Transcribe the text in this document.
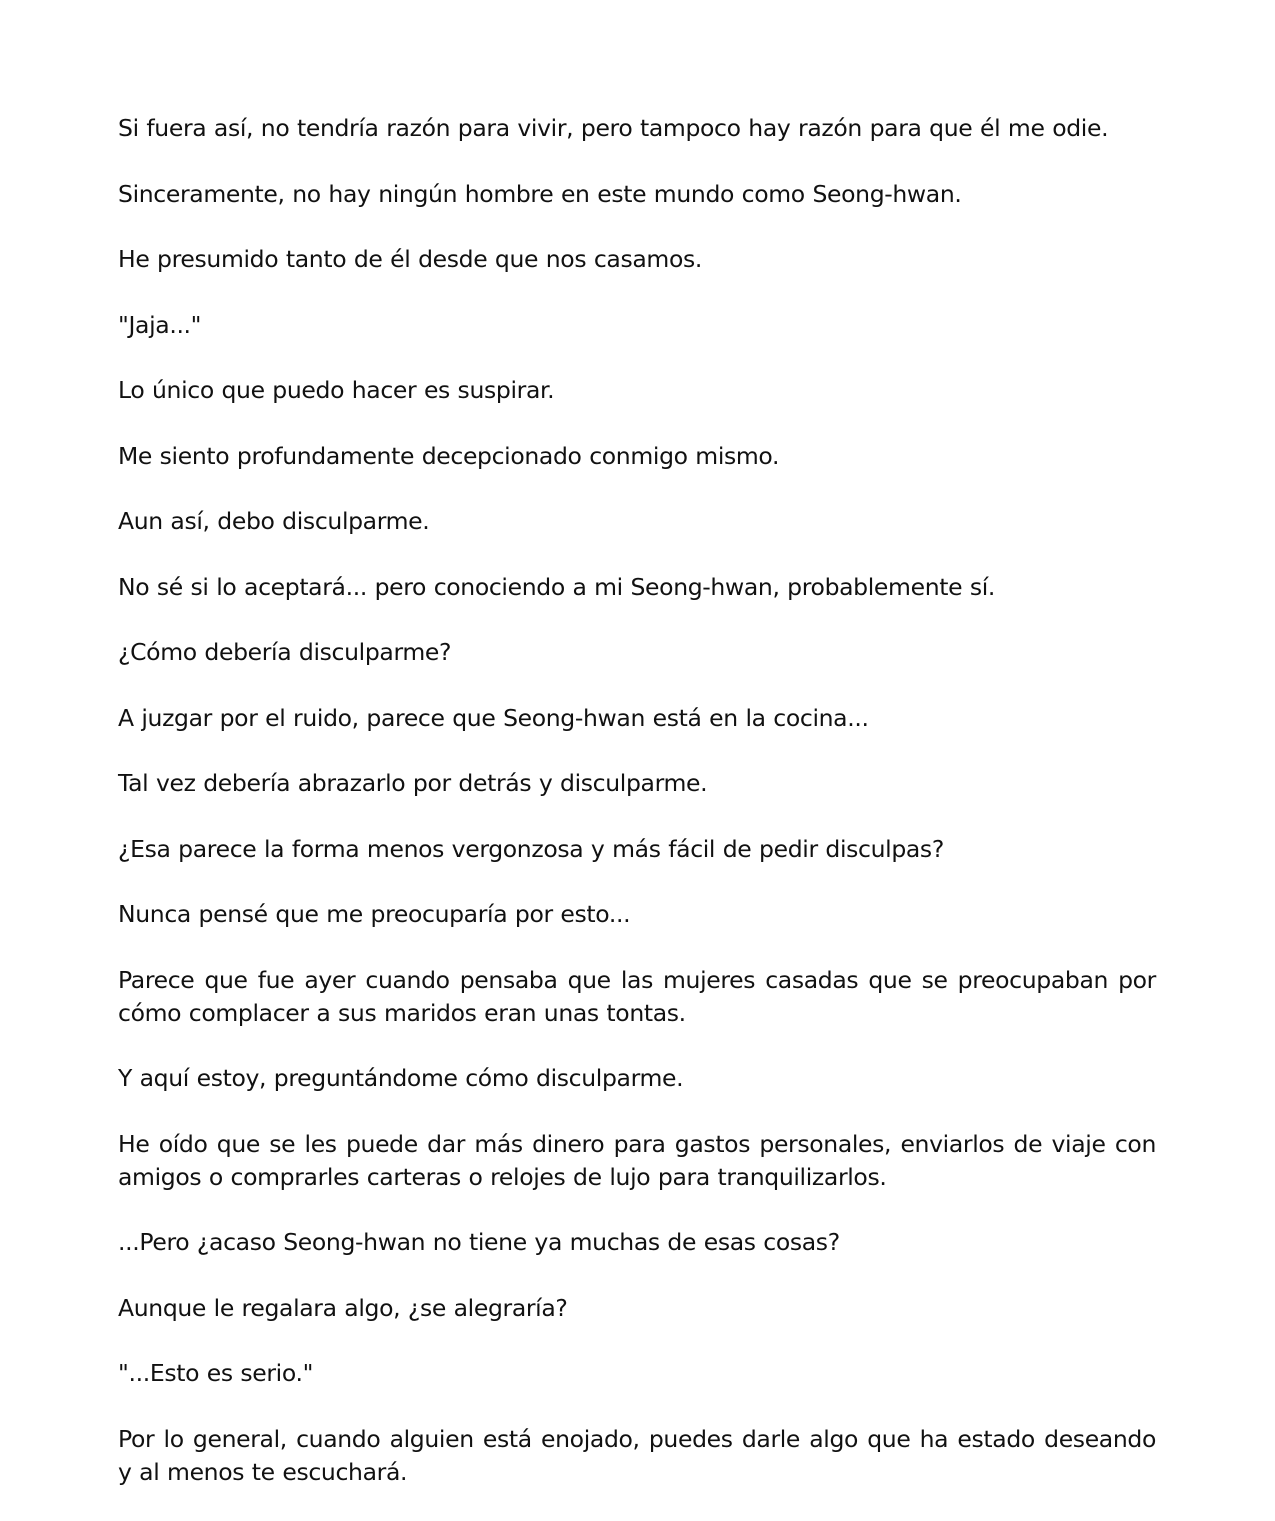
Si fuera así, no tendría razón para vivir, pero tampoco hay razón para que él me odie.

Sinceramente, no hay ningún hombre en este mundo como Seong-hwan.

He presumido tanto de él desde que nos casamos.

"Jaja..."

Lo único que puedo hacer es suspirar.

Me siento profundamente decepcionado conmigo mismo.

Aun así, debo disculparme.

No sé si lo aceptará... pero conociendo a mi Seong-hwan, probablemente sí.

¿Cómo debería disculparme?

A juzgar por el ruido, parece que Seong-hwan está en la cocina...

Tal vez debería abrazarlo por detrás y disculparme.

¿Esa parece la forma menos vergonzosa y más fácil de pedir disculpas?

Nunca pensé que me preocuparía por esto...

Parece que fue ayer cuando pensaba que las mujeres casadas que se preocupaban por cómo complacer a sus maridos eran unas tontas.

Y aquí estoy, preguntándome cómo disculparme.

He oído que se les puede dar más dinero para gastos personales, enviarlos de viaje con amigos o comprarles carteras o relojes de lujo para tranquilizarlos.

...Pero ¿acaso Seong-hwan no tiene ya muchas de esas cosas?

Aunque le regalara algo, ¿se alegraría?

"...Esto es serio."

Por lo general, cuando alguien está enojado, puedes darle algo que ha estado deseando y al menos te escuchará.
